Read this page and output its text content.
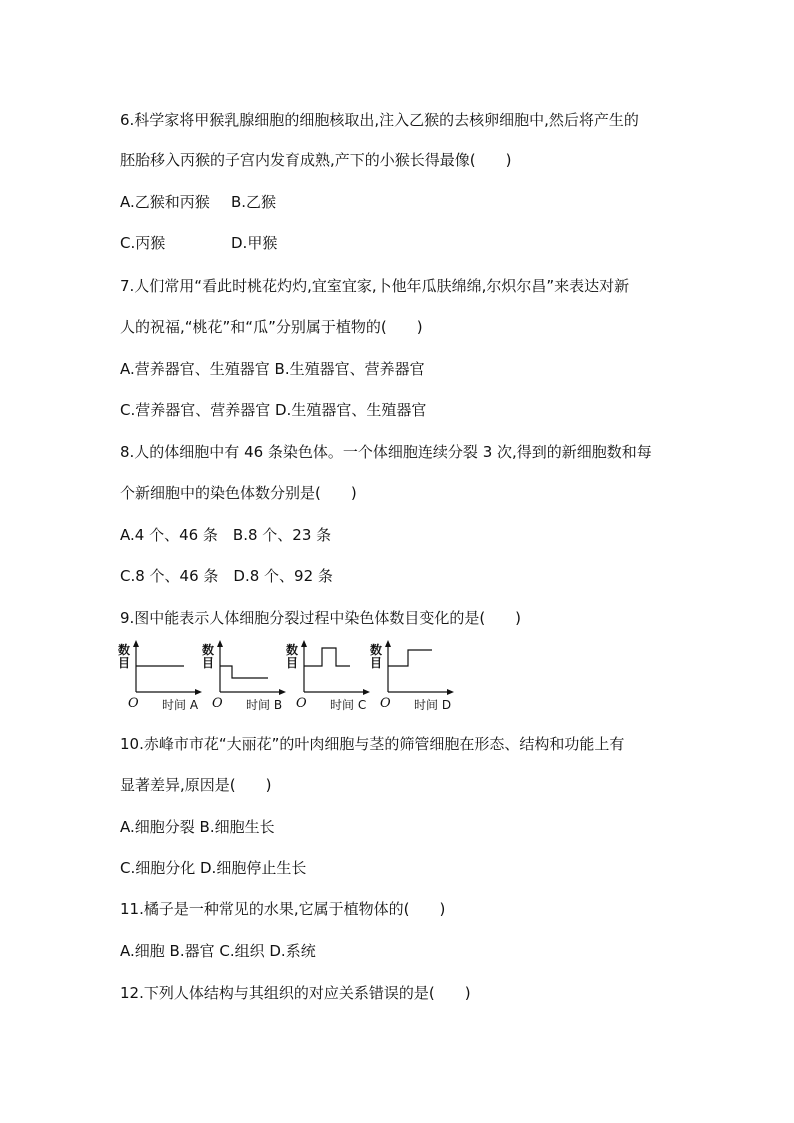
6.科学家将甲猴乳腺细胞的细胞核取出,注入乙猴的去核卵细胞中,然后将产生的
胚胎移入丙猴的子宫内发育成熟,产下的小猴长得最像(　　)
A.乙猴和丙猴 B.乙猴
C.丙猴	D.甲猴
7.人们常用“看此时桃花灼灼,宜室宜家,卜他年瓜肤绵绵,尔炽尔昌”来表达对新
人的祝福,“桃花”和“瓜”分别属于植物的(　　)
A.营养器官、生殖器官 B.生殖器官、营养器官
C.营养器官、营养器官 D.生殖器官、生殖器官
8.人的体细胞中有 46 条染色体。一个体细胞连续分裂 3 次,得到的新细胞数和每
个新细胞中的染色体数分别是(　　)
A.4 个、46 条　B.8 个、23 条
C.8 个、46 条　D.8 个、92 条
9.图中能表示人体细胞分裂过程中染色体数目变化的是(　　)
数目
O 时间 A
数目
O 时间 B
数目
O 时间 C
数目
O 时间 D
10.赤峰市市花“大丽花”的叶肉细胞与茎的筛管细胞在形态、结构和功能上有
显著差异,原因是(　　)
A.细胞分裂 B.细胞生长
C.细胞分化 D.细胞停止生长
11.橘子是一种常见的水果,它属于植物体的(　　)
A.细胞 B.器官 C.组织 D.系统
12.下列人体结构与其组织的对应关系错误的是(　　)
